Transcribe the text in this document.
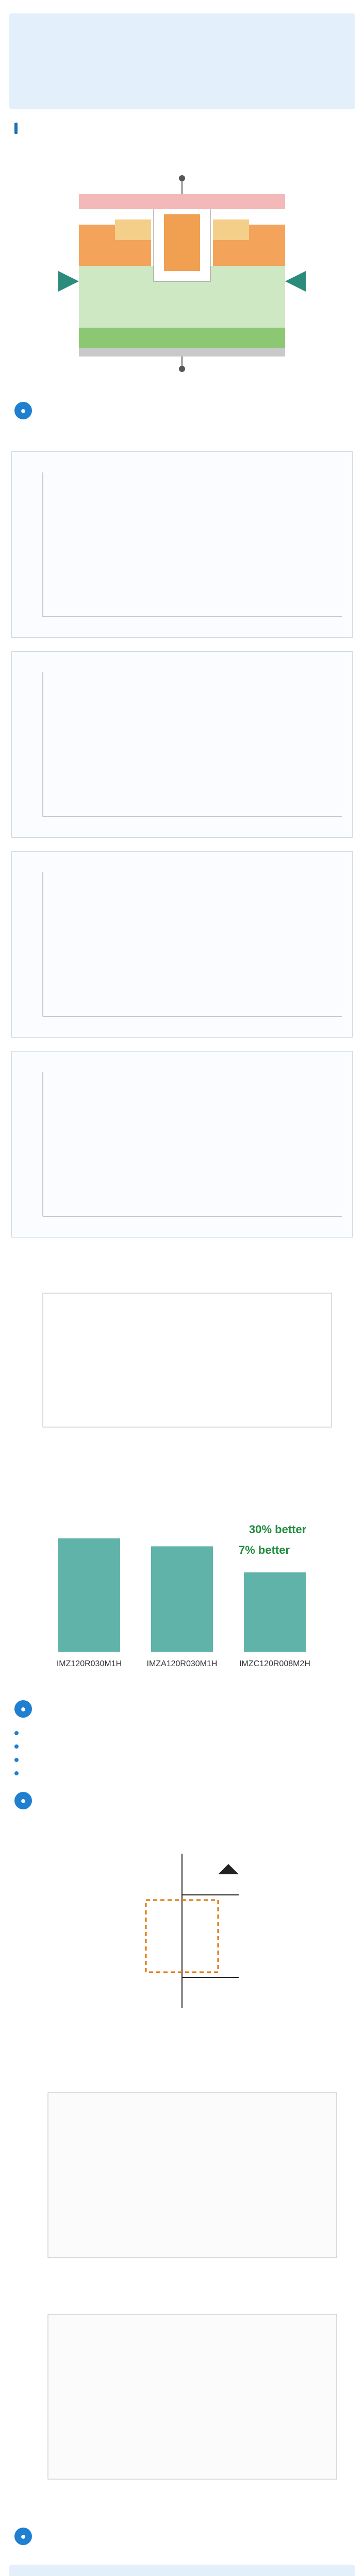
●
IMZ120R030M1H	IMZA120R030M1H	IMZC120R008M2H
30% better
7% better
●
●
●
